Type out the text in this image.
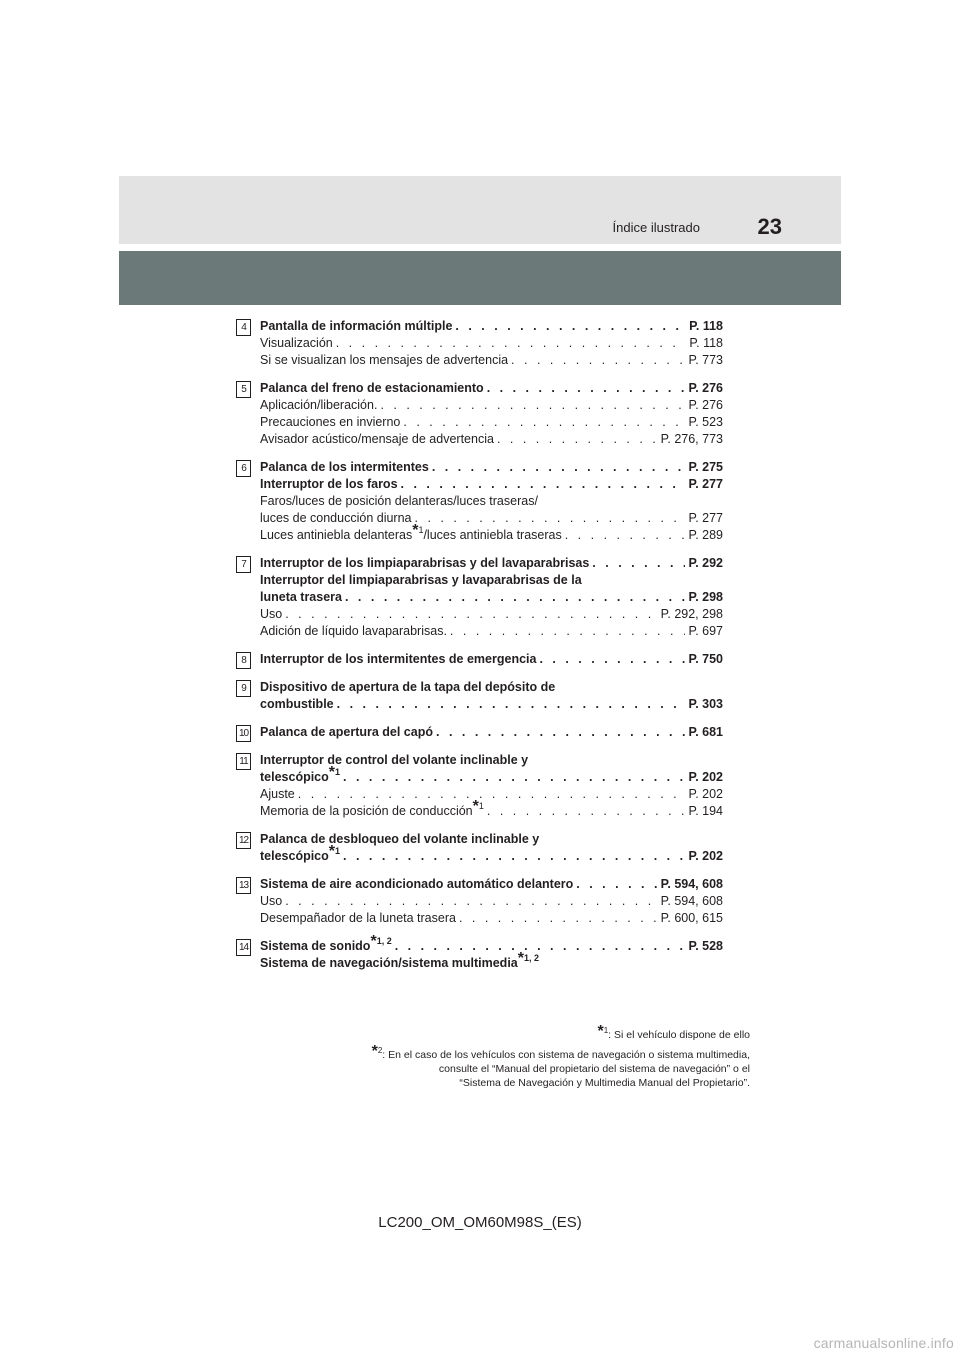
Índice ilustrado	23
4	Pantalla de información múltiple . . .	P. 118
Visualización . . .	P. 118
Si se visualizan los mensajes de advertencia . . .	P. 773
5	Palanca del freno de estacionamiento . . .	P. 276
Aplicación/liberación. . . .	P. 276
Precauciones en invierno . . .	P. 523
Avisador acústico/mensaje de advertencia . . .	P. 276, 773
6	Palanca de los intermitentes . . .	P. 275
Interruptor de los faros . . .	P. 277
Faros/luces de posición delanteras/luces traseras/
luces de conducción diurna . . .	P. 277
Luces antiniebla delanteras*$^1$/luces antiniebla traseras . . .	P. 289
7	Interruptor de los limpiaparabrisas y del lavaparabrisas . . .	P. 292
Interruptor del limpiaparabrisas y lavaparabrisas de la
luneta trasera . . .	P. 298
Uso . . .	P. 292, 298
Adición de líquido lavaparabrisas. . . .	P. 697
8	Interruptor de los intermitentes de emergencia . . .	P. 750
9	Dispositivo de apertura de la tapa del depósito de
combustible . . .	P. 303
10 Palanca de apertura del capó . . .	P. 681
11 Interruptor de control del volante inclinable y
telescópico*$^1$ . . .	P. 202
Ajuste . . .	P. 202
Memoria de la posición de conducción*$^1$ . . .	P. 194
12 Palanca de desbloqueo del volante inclinable y
telescópico*$^1$ . . .	P. 202
13 Sistema de aire acondicionado automático delantero . . .	P. 594, 608
Uso . . .	P. 594, 608
Desempañador de la luneta trasera . . .	P. 600, 615
14 Sistema de sonido*$^{1, 2}$ . . .	P. 528
Sistema de navegación/sistema multimedia*$^{1, 2}$
*$^1$: Si el vehículo dispone de ello
*$^2$: En el caso de los vehículos con sistema de navegación o sistema multimedia,
consulte el “Manual del propietario del sistema de navegación” o el
“Sistema de Navegación y Multimedia Manual del Propietario”.
LC200_OM_OM60M98S_(ES)
carmanualsonline.info
